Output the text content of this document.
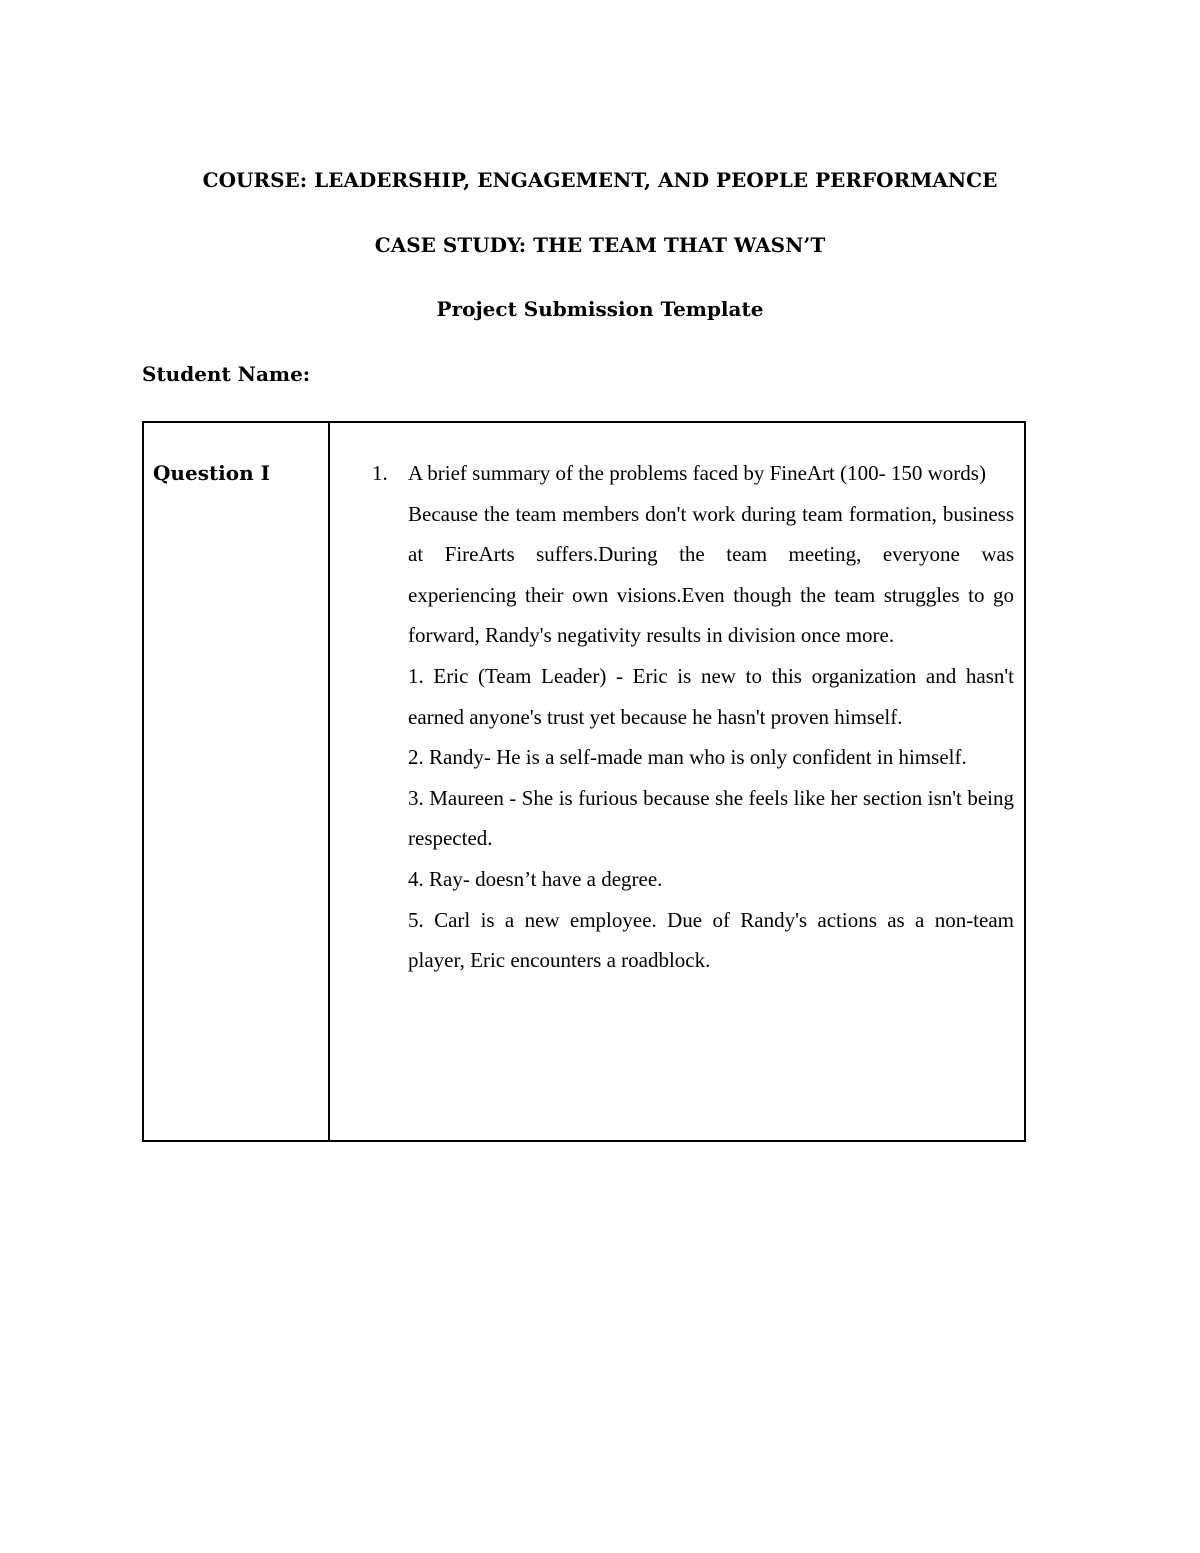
COURSE: LEADERSHIP, ENGAGEMENT, AND PEOPLE PERFORMANCE
CASE STUDY: THE TEAM THAT WASN’T
Project Submission Template
Student Name:
Question I	1. A brief summary of the problems faced by FineArt (100- 150 words)

Because the team members don't work during team formation, business at FireArts suffers.During the team meeting, everyone was experiencing their own visions.Even though the team struggles to go forward, Randy's negativity results in division once more.

1. Eric (Team Leader) - Eric is new to this organization and hasn't earned anyone's trust yet because he hasn't proven himself.

2. Randy- He is a self-made man who is only confident in himself.

3. Maureen - She is furious because she feels like her section isn't being respected.

4. Ray- doesn’t have a degree.

5. Carl is a new employee. Due of Randy's actions as a non-team player, Eric encounters a roadblock.
